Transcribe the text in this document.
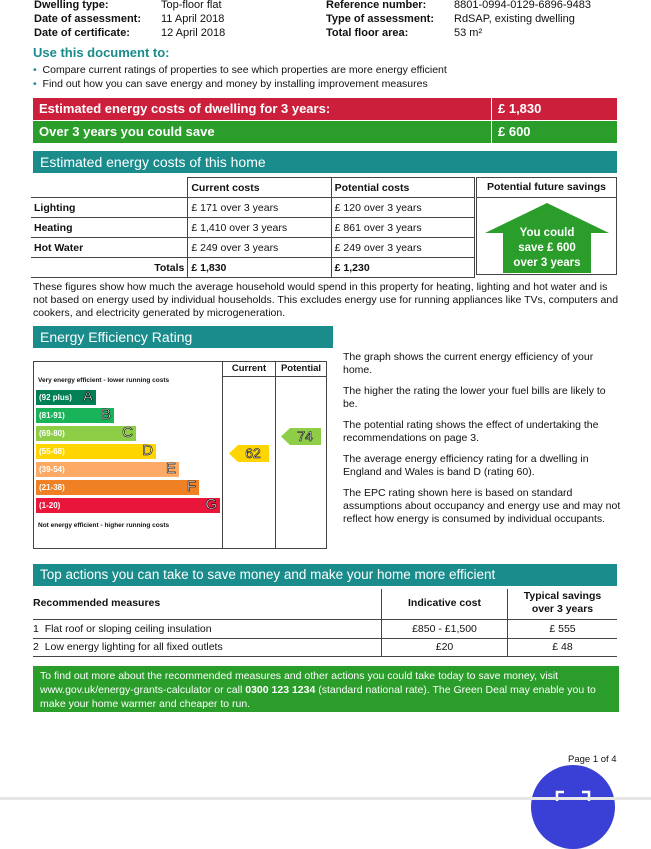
Dwelling type:	Top-floor flat
Date of assessment: 11 April 2018
Date of certificate:	12 April 2018
Reference number:	8801-0994-0129-6896-9483
Type of assessment: RdSAP, existing dwelling
Total floor area:	53 m²
Use this document to:
• Compare current ratings of properties to see which properties are more energy efficient
• Find out how you can save energy and money by installing improvement measures
Estimated energy costs of dwelling for 3 years:	£ 1,830
Over 3 years you could save	£ 600
Estimated energy costs of this home
	Current costs	Potential costs
Lighting	£ 171 over 3 years	£ 120 over 3 years
Heating	£ 1,410 over 3 years	£ 861 over 3 years
Hot Water	£ 249 over 3 years	£ 249 over 3 years
Totals	£ 1,830	£ 1,230
Potential future savings
You could
save £ 600
over 3 years
These figures show how much the average household would spend in this property for heating, lighting and hot water and is not based on energy used by individual households. This excludes energy use for running appliances like TVs, computers and cookers, and electricity generated by microgeneration.
Energy Efficiency Rating
Current	Potential
Very energy efficient - lower running costs
(92 plus) A
(81-91) B
(69-80)	C
(55-68)	D
(39-54)	E
(21-38)	F
(1-20)	G
Not energy efficient - higher running costs
62
74

The graph shows the current energy efficiency of your home.

The higher the rating the lower your fuel bills are likely to be.

The potential rating shows the effect of undertaking the recommendations on page 3.

The average energy efficiency rating for a dwelling in England and Wales is band D (rating 60).

The EPC rating shown here is based on standard assumptions about occupancy and energy use and may not reflect how energy is consumed by individual occupants.

Top actions you can take to save money and make your home more efficient
Recommended measures	Indicative cost
Typical savings
over 3 years
1 Flat roof or sloping ceiling insulation	£850 - £1,500	£ 555
2 Low energy lighting for all fixed outlets	£20	£ 48
To find out more about the recommended measures and other actions you could take today to save money, visit
www.gov.uk/energy-grants-calculator or call 0300 123 1234 (standard national rate). The Green Deal may enable you to
make your home warmer and cheaper to run.
Page 1 of 4
